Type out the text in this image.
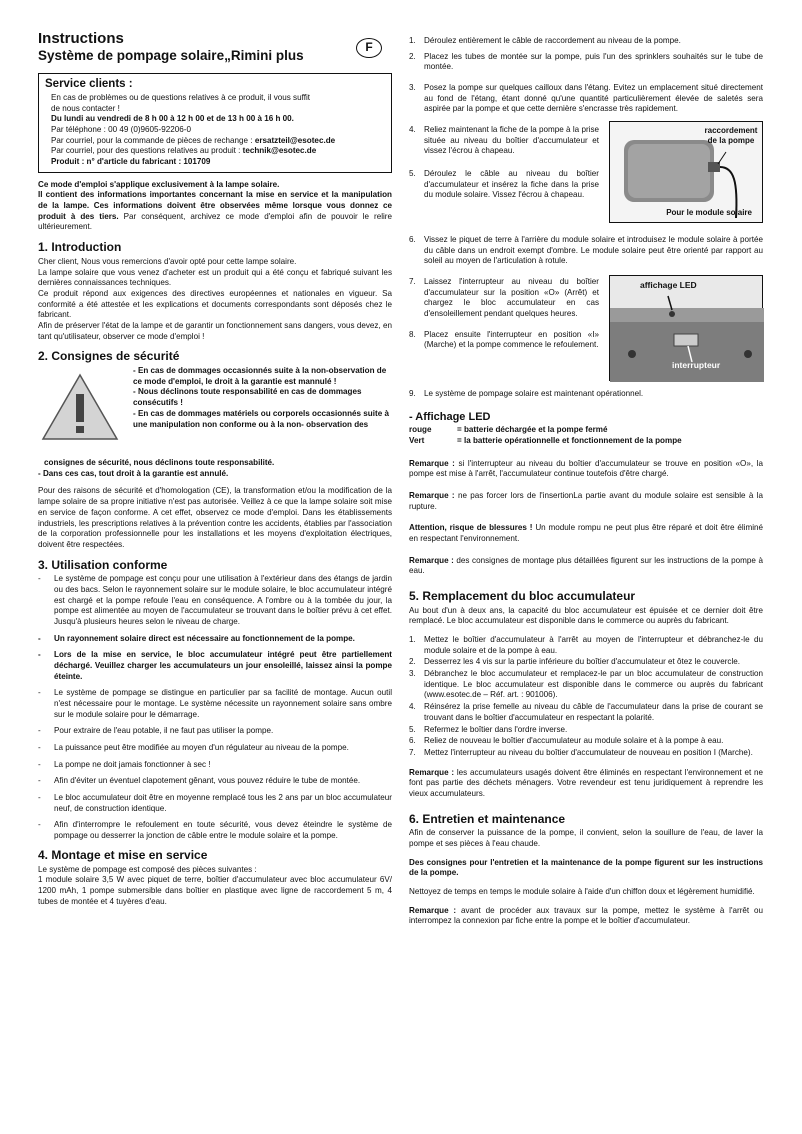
Instructions
Système de pompage solaire„Rimini plus
F
Service clients :

En cas de problèmes ou de questions relatives à ce produit, il vous suffit

de nous contacter !

Du lundi au vendredi de 8 h 00 à 12 h 00 et de 13 h 00 à 16 h 00.

Par téléphone : 00 49 (0)9605-92206-0

Par courriel, pour la commande de pièces de rechange : ersatzteil@esotec.de

Par courriel, pour des questions relatives au produit : technik@esotec.de

Produit : n° d'article du fabricant : 101709

Ce mode d'emploi s'applique exclusivement à la lampe solaire.

Il contient des informations importantes concernant la mise en service et la manipulation de la lampe. Ces informations doivent être observées même lorsque vous donnez ce produit à des tiers. Par conséquent, archivez ce mode d'emploi afin de pouvoir le relire ultérieurement.

1. Introduction

Cher client, Nous vous remercions d'avoir opté pour cette lampe solaire.

La lampe solaire que vous venez d'acheter est un produit qui a été conçu et fabriqué suivant les dernières connaissances techniques.

Ce produit répond aux exigences des directives européennes et nationales en vigueur. Sa conformité a été attestée et les explications et documents correspondants sont déposés chez le fabricant.

Afin de préserver l'état de la lampe et de garantir un fonctionnement sans dangers, vous devez, en tant qu'utilisateur, observer ce mode d'emploi !

2. Consignes de sécurité

- En cas de dommages occasionnés suite à la non-observation de ce mode d'emploi, le droit à la garantie est mannulé !

- Nous déclinons toute responsabilité en cas de dommages consécutifs !

- En cas de dommages matériels ou corporels occasionnés suite à une manipulation non conforme ou à la non- observation des

consignes de sécurité, nous déclinons toute responsabilité.

- Dans ces cas, tout droit à la garantie est annulé.

Pour des raisons de sécurité et d'homologation (CE), la transformation et/ou la modification de la lampe solaire de sa propre initiative n'est pas autorisée. Veillez à ce que la lampe solaire soit mise en service de façon conforme. A cet effet, observez ce mode d'emploi. Dans les établissements industriels, les prescriptions relatives à la prévention contre les accidents, établies par l'association de la corporation professionnelle pour les installations et les moyens d'exploitation électriques, doivent être respectées.

3. Utilisation conforme
-	Le système de pompage est conçu pour une utilisation à l'extérieur dans des étangs de jardin ou des bacs. Selon le rayonnement solaire sur le module solaire, le bloc accumulateur intégré est chargé et la pompe refoule l'eau en conséquence. A l'ombre ou à la tombée du jour, la pompe est alimentée au moyen de l'accumulateur se trouvant dans le boîtier prévu à cet effet. Jusqu'à plusieurs heures selon le niveau de charge.
-	Un rayonnement solaire direct est nécessaire au fonctionnement de la pompe.
-	Lors de la mise en service, le bloc accumulateur intégré peut être partiellement déchargé. Veuillez charger les accumulateurs un jour ensoleillé, laissez ainsi la pompe éteinte.
-	Le système de pompage se distingue en particulier par sa facilité de montage. Aucun outil n'est nécessaire pour le montage. Le système nécessite un rayonnement solaire sans ombre sur le module solaire pour le démarrage.
-	Pour extraire de l'eau potable, il ne faut pas utiliser la pompe.
-	La puissance peut être modifiée au moyen d'un régulateur au niveau de la pompe.
-	La pompe ne doit jamais fonctionner à sec !
-	Afin d'éviter un éventuel clapotement gênant, vous pouvez réduire le tube de montée.
-	Le bloc accumulateur doit être en moyenne remplacé tous les 2 ans par un bloc accumulateur neuf, de construction identique.
-	Afin d'interrompre le refoulement en toute sécurité, vous devez éteindre le système de pompage ou desserrer la jonction de câble entre le module solaire et la pompe.
4. Montage et mise en service

Le système de pompage est composé des pièces suivantes :

1 module solaire 3,5 W avec piquet de terre, boîtier d'accumulateur avec bloc accumulateur 6V/ 1200 mAh, 1 pompe submersible dans boîtier en plastique avec ligne de raccordement 5 m, 4 tubes de montée et 4 tuyères d'eau.

1.	Déroulez entièrement le câble de raccordement au niveau de la pompe.
2.	Placez les tubes de montée sur la pompe, puis l'un des sprinklers souhaités sur le tube de montée.
3.	Posez la pompe sur quelques cailloux dans l'étang. Evitez un emplacement situé directement au fond de l'étang, étant donné qu'une quantité particulièrement élevée de saletés sera aspirée par la pompe et que cette dernière s'encrasse très rapidement.
4.	Reliez maintenant la fiche de la pompe à la prise située au niveau du boîtier d'accumulateur et vissez l'écrou à chapeau.
5.	Déroulez le câble au niveau du boîtier d'accumulateur et insérez la fiche dans la prise du module solaire. Vissez l'écrou à chapeau.
raccordement de la pompe
Pour le module solaire
6.	Vissez le piquet de terre à l'arrière du module solaire et introduisez le module solaire à portée du câble dans un endroit exempt d'ombre. Le module solaire peut être orienté par rapport au soleil au moyen de l'articulation à rotule.
7.	Laissez l'interrupteur au niveau du boîtier d'accumulateur sur la position «O» (Arrêt) et chargez le bloc accumulateur en cas d'ensoleillement pendant quelques heures.
8.	Placez ensuite l'interrupteur en position «I» (Marche) et la pompe commence le refoulement.
affichage LED
interrupteur
9.	Le système de pompage solaire est maintenant opérationnel.
- Affichage LED
rouge	= batterie déchargée et la pompe fermé
Vert	= la batterie opérationnelle et fonctionnement de la pompe

Remarque : si l'interrupteur au niveau du boîtier d'accumulateur se trouve en position «O», la pompe est mise à l'arrêt, l'accumulateur continue toutefois d'être chargé.

Remarque : ne pas forcer lors de l'insertionLa partie avant du module solaire est sensible à la rupture.

Attention, risque de blessures ! Un module rompu ne peut plus être réparé et doit être éliminé en respectant l'environnement.

Remarque : des consignes de montage plus détaillées figurent sur les instructions de la pompe à eau.

5. Remplacement du bloc accumulateur

Au bout d'un à deux ans, la capacité du bloc accumulateur est épuisée et ce dernier doit être remplacé. Le bloc accumulateur est disponible dans le commerce ou auprès du fabricant.

1.	Mettez le boîtier d'accumulateur à l'arrêt au moyen de l'interrupteur et débranchez-le du module solaire et de la pompe à eau.
2.	Desserrez les 4 vis sur la partie inférieure du boîtier d'accumulateur et ôtez le couvercle.
3.	Débranchez le bloc accumulateur et remplacez-le par un bloc accumulateur de construction identique. Le bloc accumulateur est disponible dans le commerce ou auprès du fabricant (www.esotec.de – Réf. art. : 901006).
4.	Réinsérez la prise femelle au niveau du câble de l'accumulateur dans la prise de courant se trouvant dans le boîtier d'accumulateur en respectant la polarité.
5.	Refermez le boîtier dans l'ordre inverse.
6.	Reliez de nouveau le boîtier d'accumulateur au module solaire et à la pompe à eau.
7.	Mettez l'interrupteur au niveau du boîtier d'accumulateur de nouveau en position I (Marche).

Remarque : les accumulateurs usagés doivent être éliminés en respectant l'environnement et ne font pas partie des déchets ménagers. Votre revendeur est tenu juridiquement à reprendre les vieux accumulateurs.

6. Entretien et maintenance

Afin de conserver la puissance de la pompe, il convient, selon la souillure de l'eau, de laver la pompe et ses pièces à l'eau chaude.

Des consignes pour l'entretien et la maintenance de la pompe figurent sur les instructions de la pompe.

Nettoyez de temps en temps le module solaire à l'aide d'un chiffon doux et légèrement humidifié.

Remarque : avant de procéder aux travaux sur la pompe, mettez le système à l'arrêt ou interrompez la connexion par fiche entre la pompe et le boîtier d'accumulateur.
